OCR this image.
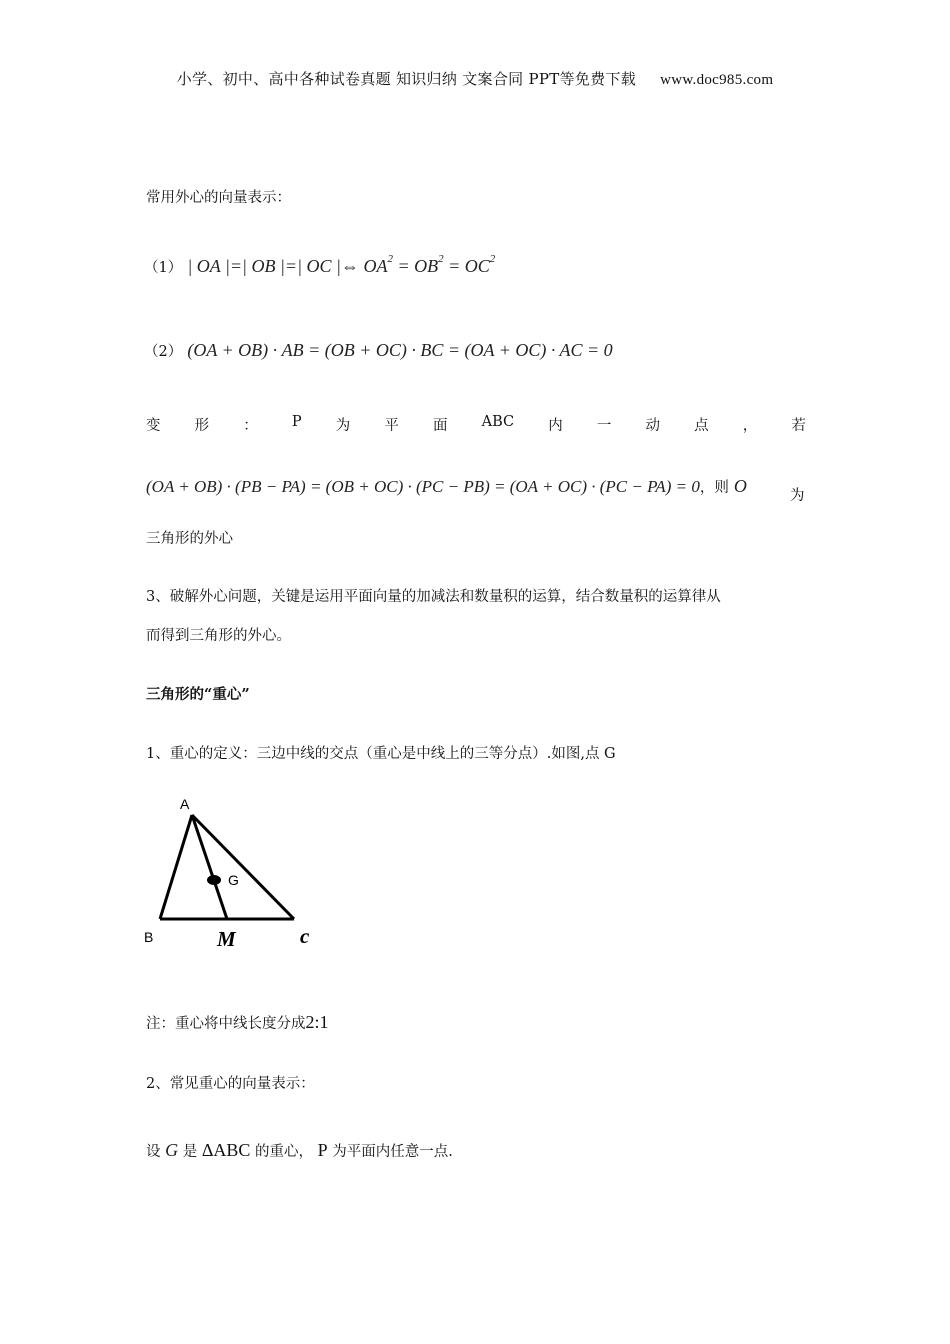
小学、初中、高中各种试卷真题 知识归纳 文案合同 PPT等免费下载 www.doc985.com
常用外心的向量表示：
（1） | OA |=| OB |=| OC |⇔ $OA^2 = OB^2 = OC^2$
（2） (OA + OB) · AB = (OB + OC) · BC = (OA + OC) · AC = 0
变 形 ： P 为 平 面 ABC 内 一 动 点 ， 若
(OA + OB) · (PB − PA) = (OB + OC) · (PC − PB) = (OA + OC) · (PC − PA) = 0，则 O	为
三角形的外心
3、破解外心问题，关键是运用平面向量的加减法和数量积的运算，结合数量积的运算律从
而得到三角形的外心。
三角形的“重心”
1、重心的定义：三边中线的交点（重心是中线上的三等分点）.如图,点 G
A
G
B	M	c
注：重心将中线长度分成2:1
2、常见重心的向量表示：
设 G 是 ΔABC 的重心， P 为平面内任意一点.
